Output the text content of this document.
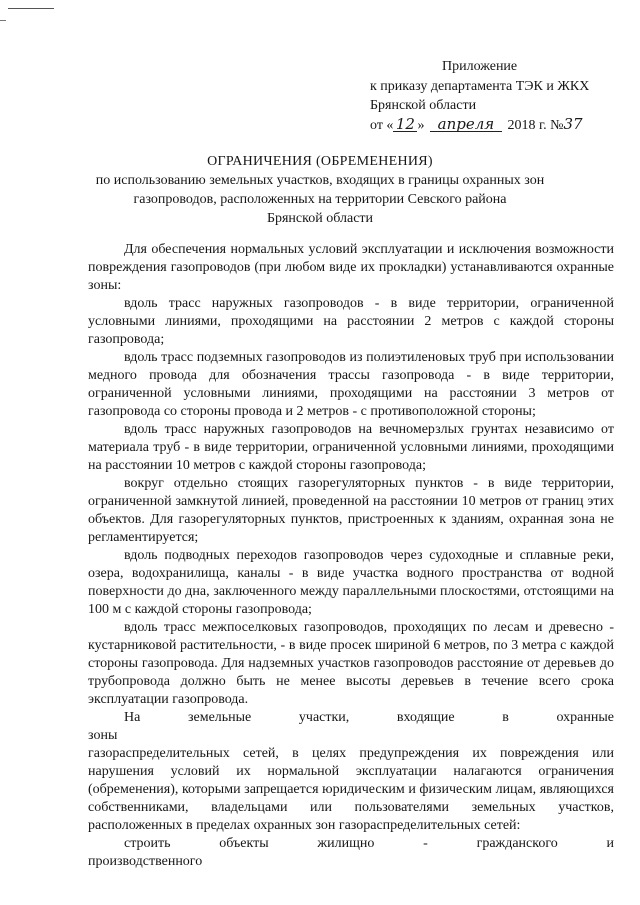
Приложение
к приказу департамента ТЭК и ЖКХ
Брянской области
от « 12 » апреля 2018 г. №37
ОГРАНИЧЕНИЯ (ОБРЕМЕНЕНИЯ)
по использованию земельных участков, входящих в границы охранных зон
газопроводов, расположенных на территории Севского района
Брянской области

Для обеспечения нормальных условий эксплуатации и исключения возможности повреждения газопроводов (при любом виде их прокладки) устанавливаются охранные зоны:

вдоль трасс наружных газопроводов - в виде территории, ограниченной условными линиями, проходящими на расстоянии 2 метров с каждой стороны газопровода;

вдоль трасс подземных газопроводов из полиэтиленовых труб при использовании медного провода для обозначения трассы газопровода - в виде территории, ограниченной условными линиями, проходящими на расстоянии 3 метров от газопровода со стороны провода и 2 метров - с противоположной стороны;

вдоль трасс наружных газопроводов на вечномерзлых грунтах независимо от материала труб - в виде территории, ограниченной условными линиями, проходящими на расстоянии 10 метров с каждой стороны газопровода;

вокруг отдельно стоящих газорегуляторных пунктов - в виде территории, ограниченной замкнутой линией, проведенной на расстоянии 10 метров от границ этих объектов. Для газорегуляторных пунктов, пристроенных к зданиям, охранная зона не регламентируется;

вдоль подводных переходов газопроводов через судоходные и сплавные реки, озера, водохранилища, каналы - в виде участка водного пространства от водной поверхности до дна, заключенного между параллельными плоскостями, отстоящими на 100 м с каждой стороны газопровода;

вдоль трасс межпоселковых газопроводов, проходящих по лесам и древесно - кустарниковой растительности, - в виде просек шириной 6 метров, по 3 метра с каждой стороны газопровода. Для надземных участков газопроводов расстояние от деревьев до трубопровода должно быть не менее высоты деревьев в течение всего срока эксплуатации газопровода.

На земельные участки, входящие в охранные зоны

газораспределительных сетей, в целях предупреждения их повреждения или нарушения условий их нормальной эксплуатации налагаются ограничения (обременения), которыми запрещается юридическим и физическим лицам, являющихся собственниками, владельцами или пользователями земельных участков, расположенных в пределах охранных зон газораспределительных сетей:

строить объекты жилищно - гражданского и производственного
